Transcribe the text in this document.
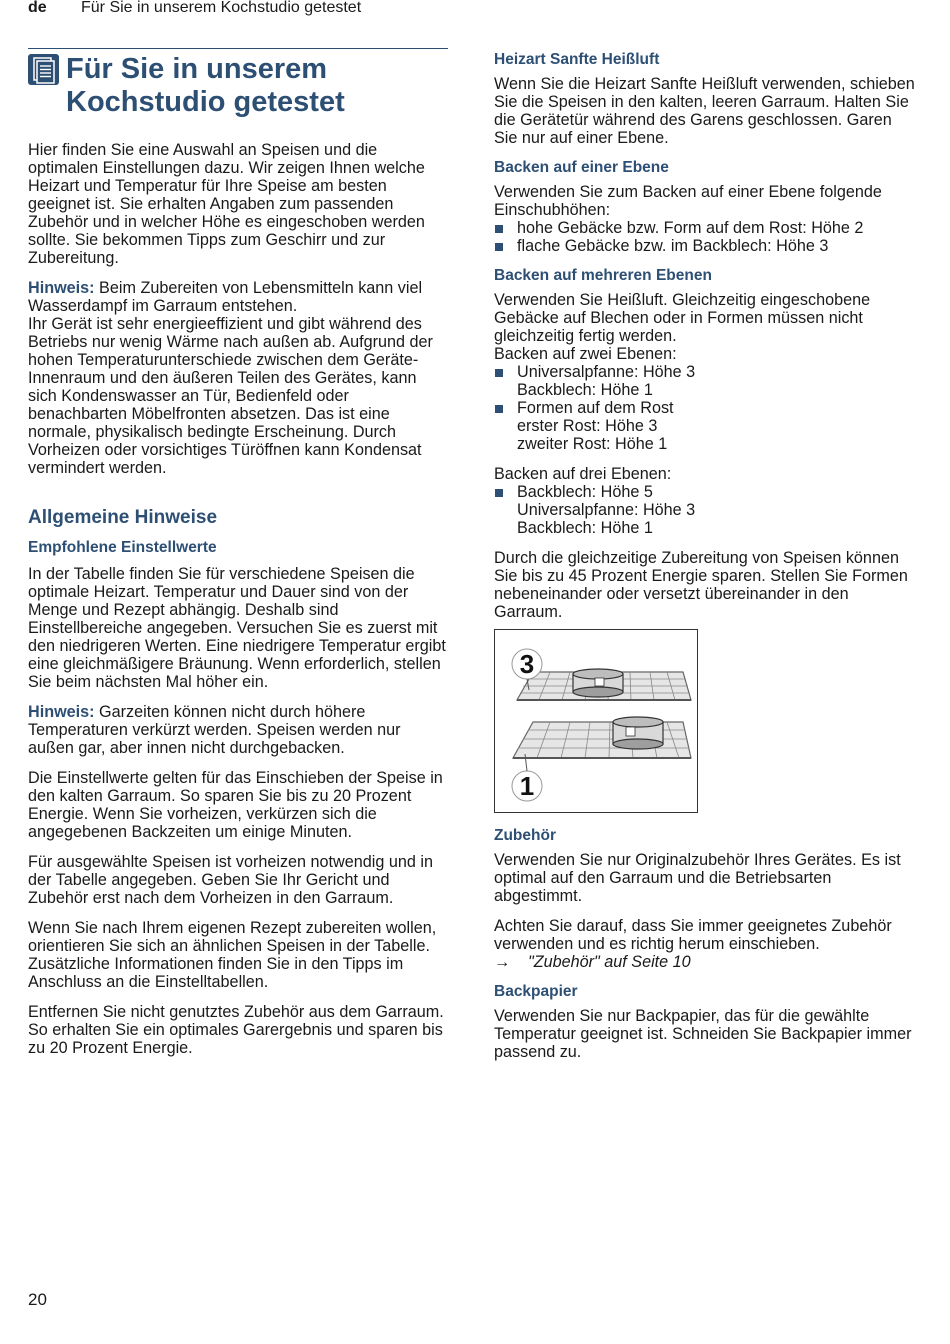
de Für Sie in unserem Kochstudio getestet
Für Sie in unserem
Kochstudio getestet

Hier finden Sie eine Auswahl an Speisen und die optimalen Einstellungen dazu. Wir zeigen Ihnen welche Heizart und Temperatur für Ihre Speise am besten geeignet ist. Sie erhalten Angaben zum passenden Zubehör und in welcher Höhe es eingeschoben werden sollte. Sie bekommen Tipps zum Geschirr und zur Zubereitung.

Hinweis: Beim Zubereiten von Lebensmitteln kann viel Wasserdampf im Garraum entstehen.

Ihr Gerät ist sehr energieeffizient und gibt während des Betriebs nur wenig Wärme nach außen ab. Aufgrund der hohen Temperaturunterschiede zwischen dem Geräte-Innenraum und den äußeren Teilen des Gerätes, kann sich Kondenswasser an Tür, Bedienfeld oder benachbarten Möbelfronten absetzen. Das ist eine normale, physikalisch bedingte Erscheinung. Durch Vorheizen oder vorsichtiges Türöffnen kann Kondensat vermindert werden.

Allgemeine Hinweise
Empfohlene Einstellwerte

In der Tabelle finden Sie für verschiedene Speisen die optimale Heizart. Temperatur und Dauer sind von der Menge und Rezept abhängig. Deshalb sind Einstellbereiche angegeben. Versuchen Sie es zuerst mit den niedrigeren Werten. Eine niedrigere Temperatur ergibt eine gleichmäßigere Bräunung. Wenn erforderlich, stellen Sie beim nächsten Mal höher ein.

Hinweis: Garzeiten können nicht durch höhere Temperaturen verkürzt werden. Speisen werden nur außen gar, aber innen nicht durchgebacken.

Die Einstellwerte gelten für das Einschieben der Speise in den kalten Garraum. So sparen Sie bis zu 20 Prozent Energie. Wenn Sie vorheizen, verkürzen sich die angegebenen Backzeiten um einige Minuten.

Für ausgewählte Speisen ist vorheizen notwendig und in der Tabelle angegeben. Geben Sie Ihr Gericht und Zubehör erst nach dem Vorheizen in den Garraum.

Wenn Sie nach Ihrem eigenen Rezept zubereiten wollen, orientieren Sie sich an ähnlichen Speisen in der Tabelle. Zusätzliche Informationen finden Sie in den Tipps im Anschluss an die Einstelltabellen.

Entfernen Sie nicht genutztes Zubehör aus dem Garraum. So erhalten Sie ein optimales Garergebnis und sparen bis zu 20 Prozent Energie.

Heizart Sanfte Heißluft

Wenn Sie die Heizart Sanfte Heißluft verwenden, schieben Sie die Speisen in den kalten, leeren Garraum. Halten Sie die Gerätetür während des Garens geschlossen. Garen Sie nur auf einer Ebene.

Backen auf einer Ebene

Verwenden Sie zum Backen auf einer Ebene folgende Einschubhöhen:

hohe Gebäcke bzw. Form auf dem Rost: Höhe 2
flache Gebäcke bzw. im Backblech: Höhe 3
Backen auf mehreren Ebenen

Verwenden Sie Heißluft. Gleichzeitig eingeschobene Gebäcke auf Blechen oder in Formen müssen nicht gleichzeitig fertig werden.

Backen auf zwei Ebenen:

Universalpfanne: Höhe 3
Backblech: Höhe 1
Formen auf dem Rost
erster Rost: Höhe 3
zweiter Rost: Höhe 1

Backen auf drei Ebenen:

Backblech: Höhe 5
Universalpfanne: Höhe 3
Backblech: Höhe 1

Durch die gleichzeitige Zubereitung von Speisen können Sie bis zu 45 Prozent Energie sparen. Stellen Sie Formen nebeneinander oder versetzt übereinander in den Garraum.

3
1
Zubehör

Verwenden Sie nur Originalzubehör Ihres Gerätes. Es ist optimal auf den Garraum und die Betriebsarten abgestimmt.

Achten Sie darauf, dass Sie immer geeignetes Zubehör verwenden und es richtig herum einschieben.

→ "Zubehör" auf Seite 10

Backpapier

Verwenden Sie nur Backpapier, das für die gewählte Temperatur geeignet ist. Schneiden Sie Backpapier immer passend zu.

20
